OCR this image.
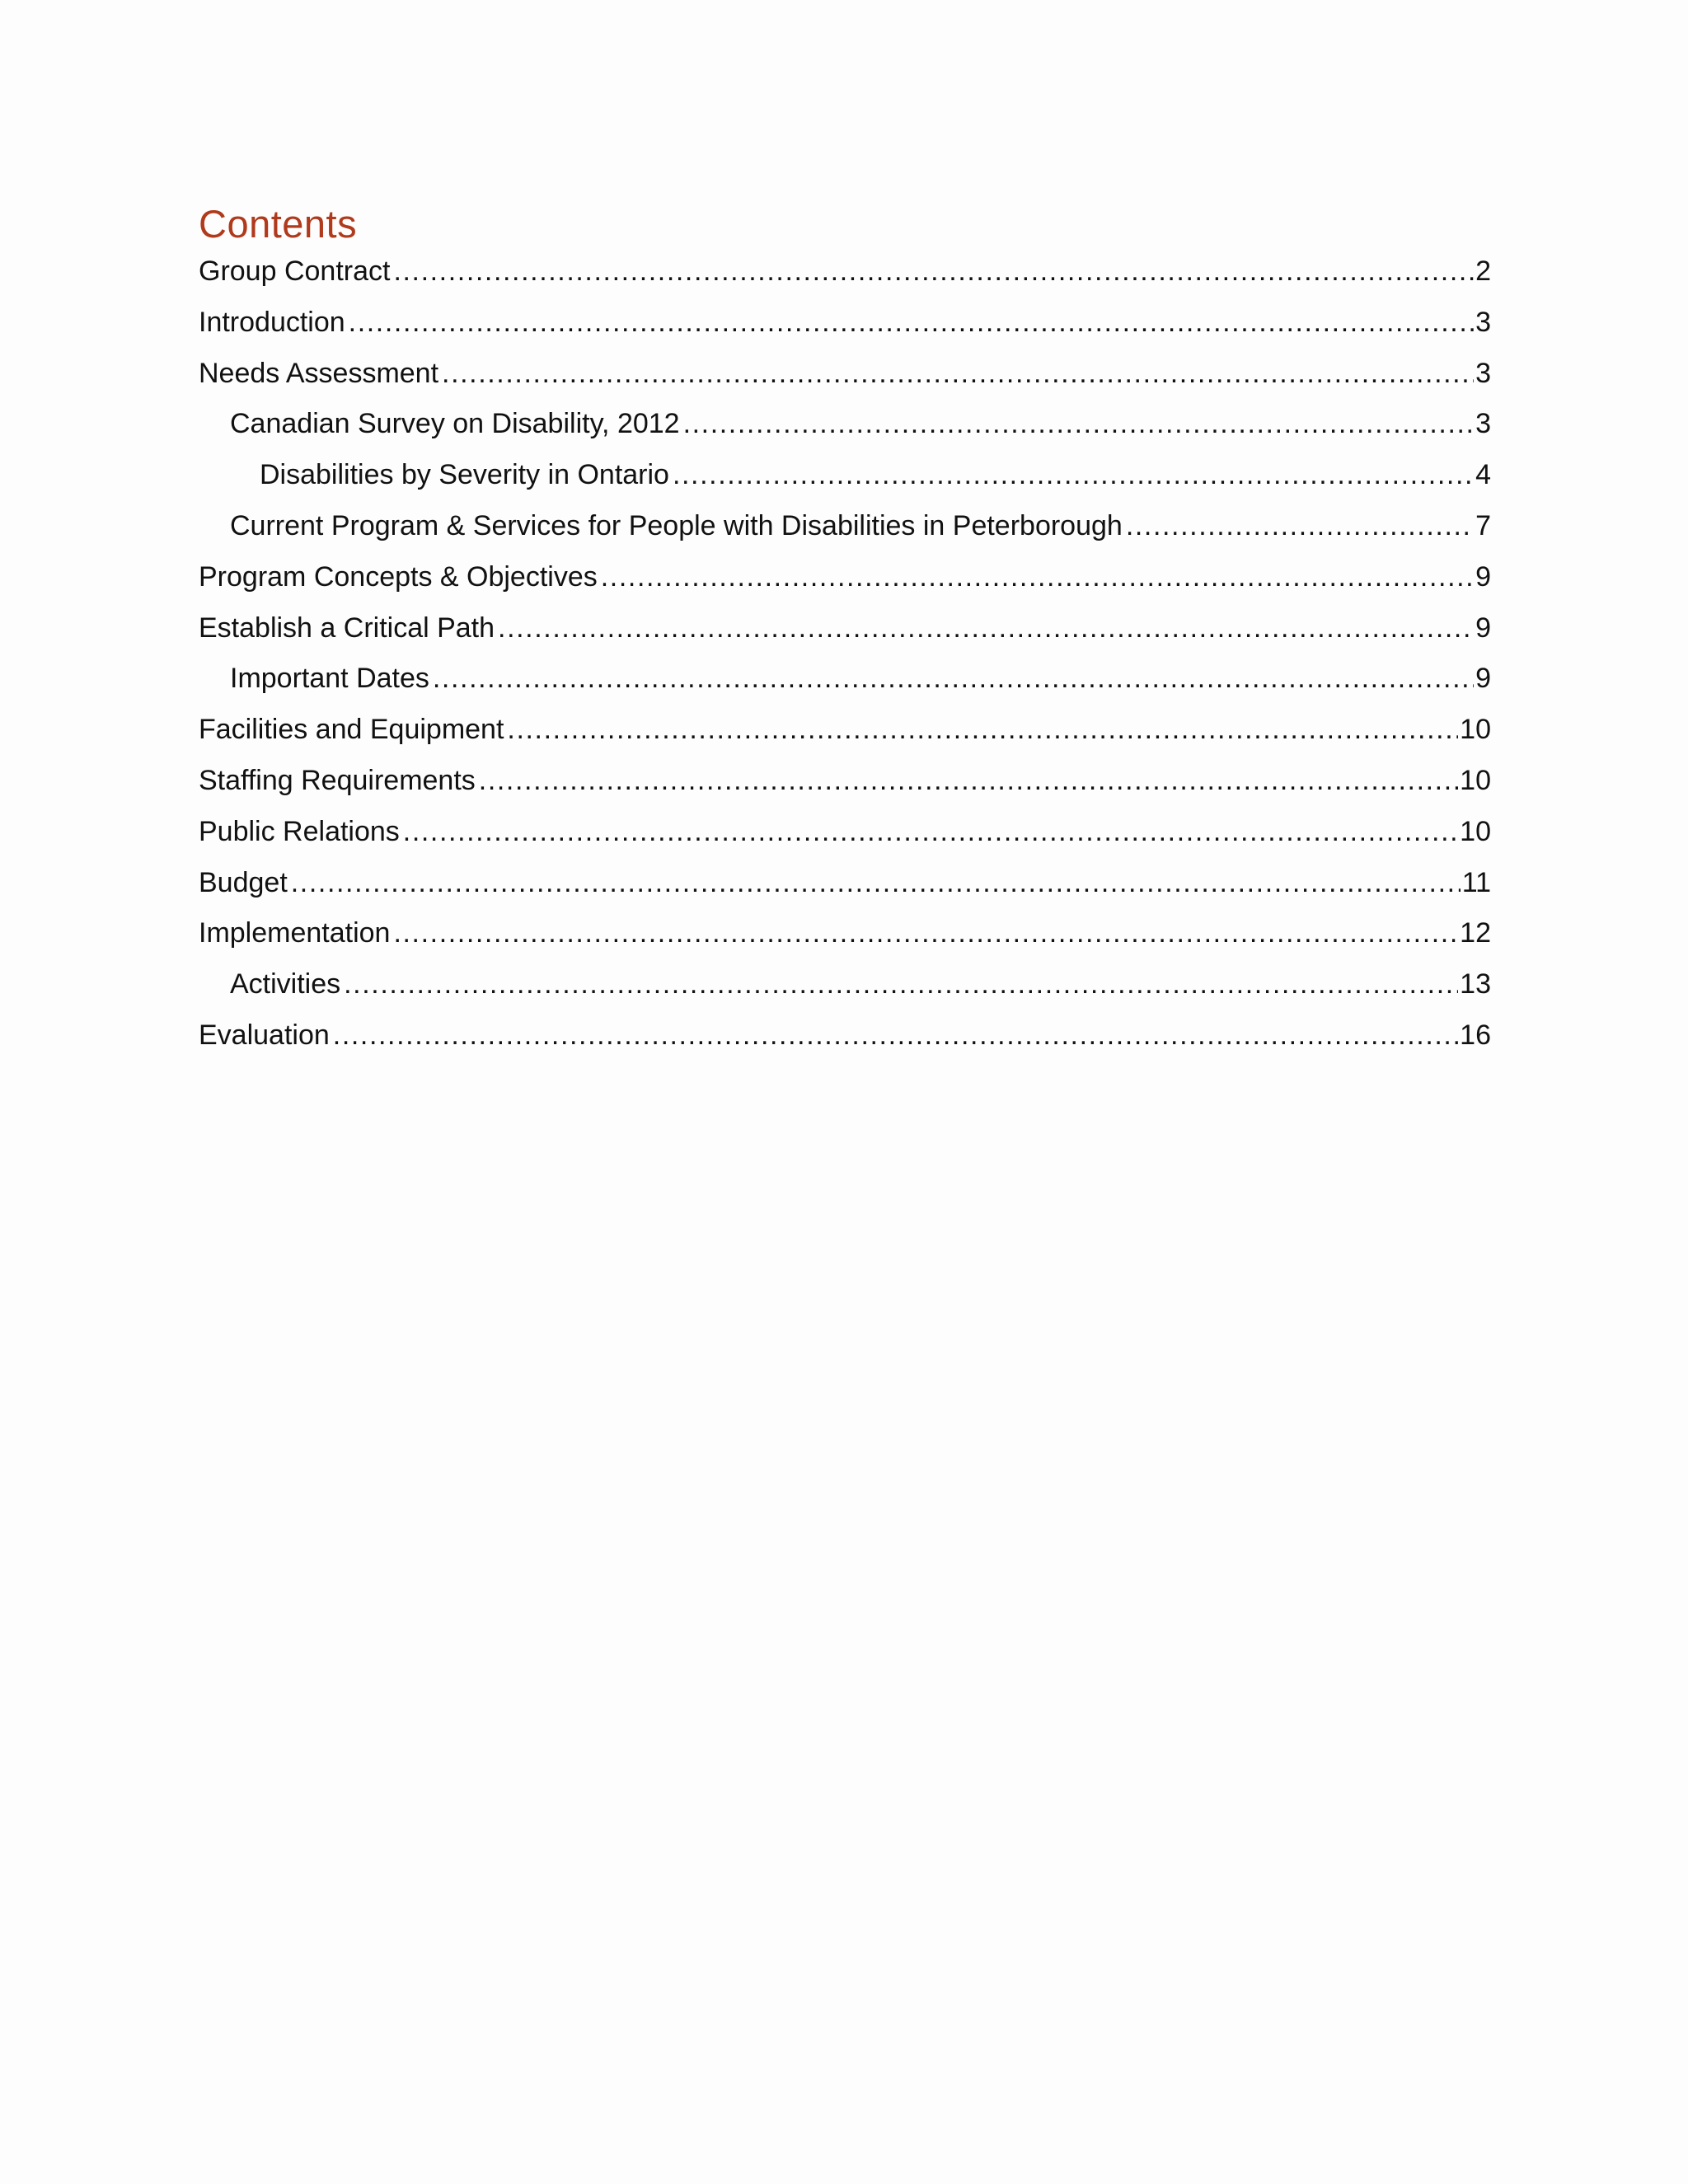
Contents
Group Contract .....	2
Introduction .....	3
Needs Assessment .....	3
Canadian Survey on Disability, 2012 .....	3
Disabilities by Severity in Ontario .....	4
Current Program & Services for People with Disabilities in Peterborough .....	7
Program Concepts & Objectives .....	9
Establish a Critical Path .....	9
Important Dates .....	9
Facilities and Equipment .....	10
Staffing Requirements .....	10
Public Relations .....	10
Budget .....	11
Implementation .....	12
Activities .....	13
Evaluation .....	16
